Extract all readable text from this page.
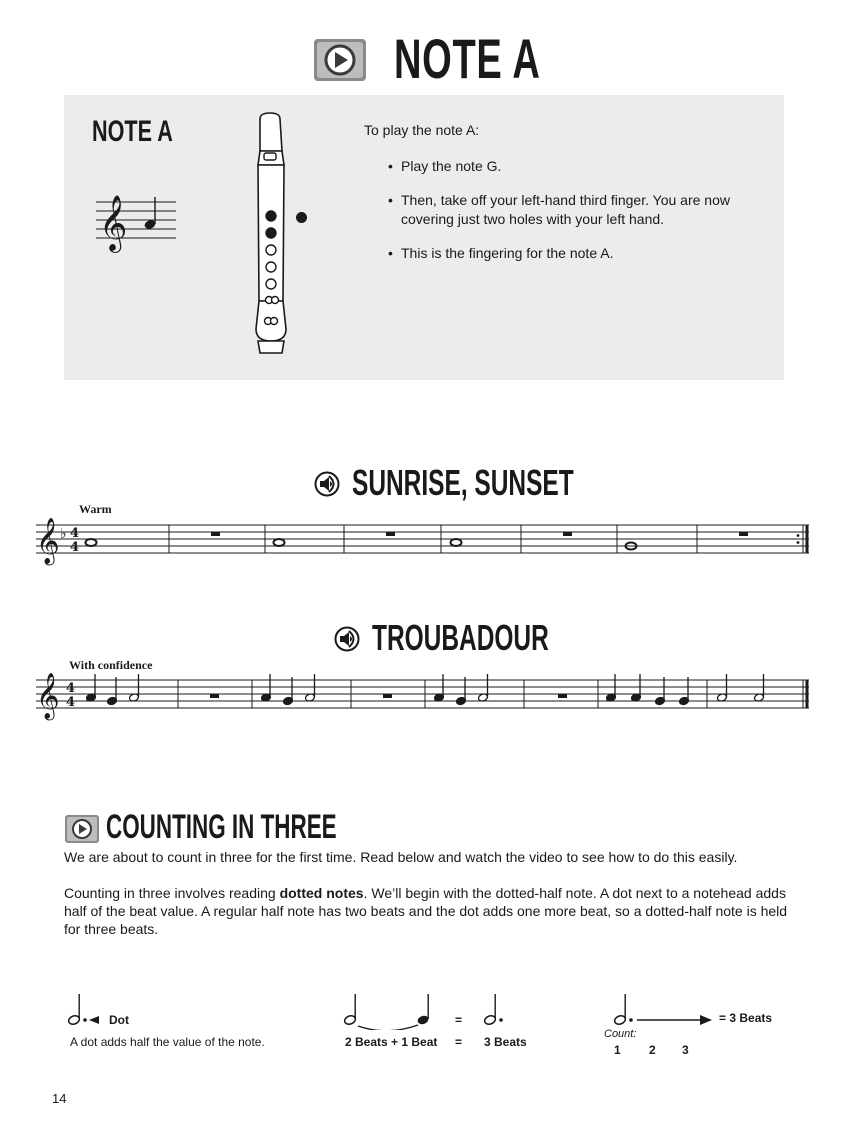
NOTE A
NOTE A
𝄞
To play the note A:
• Play the note G.
• Then, take off your left-hand third finger. You are now covering just two holes with your left hand.
• This is the fingering for the note A.
SUNRISE, SUNSET
Warm
𝄞 ♭ 4
4
TROUBADOUR
With confidence
𝄞 4
4
COUNTING IN THREE
We are about to count in three for the first time. Read below and watch the video to see how to do this easily.
Counting in three involves reading dotted notes. We’ll begin with the dotted-half note. A dot next to a notehead adds half of the beat value. A regular half note has two beats and the dot adds one more beat, so a dotted-half note is held for three beats.
Dot
A dot adds half the value of the note.
=
2 Beats + 1 Beat = 3 Beats
= 3 Beats
Count:
1 2 3
14
